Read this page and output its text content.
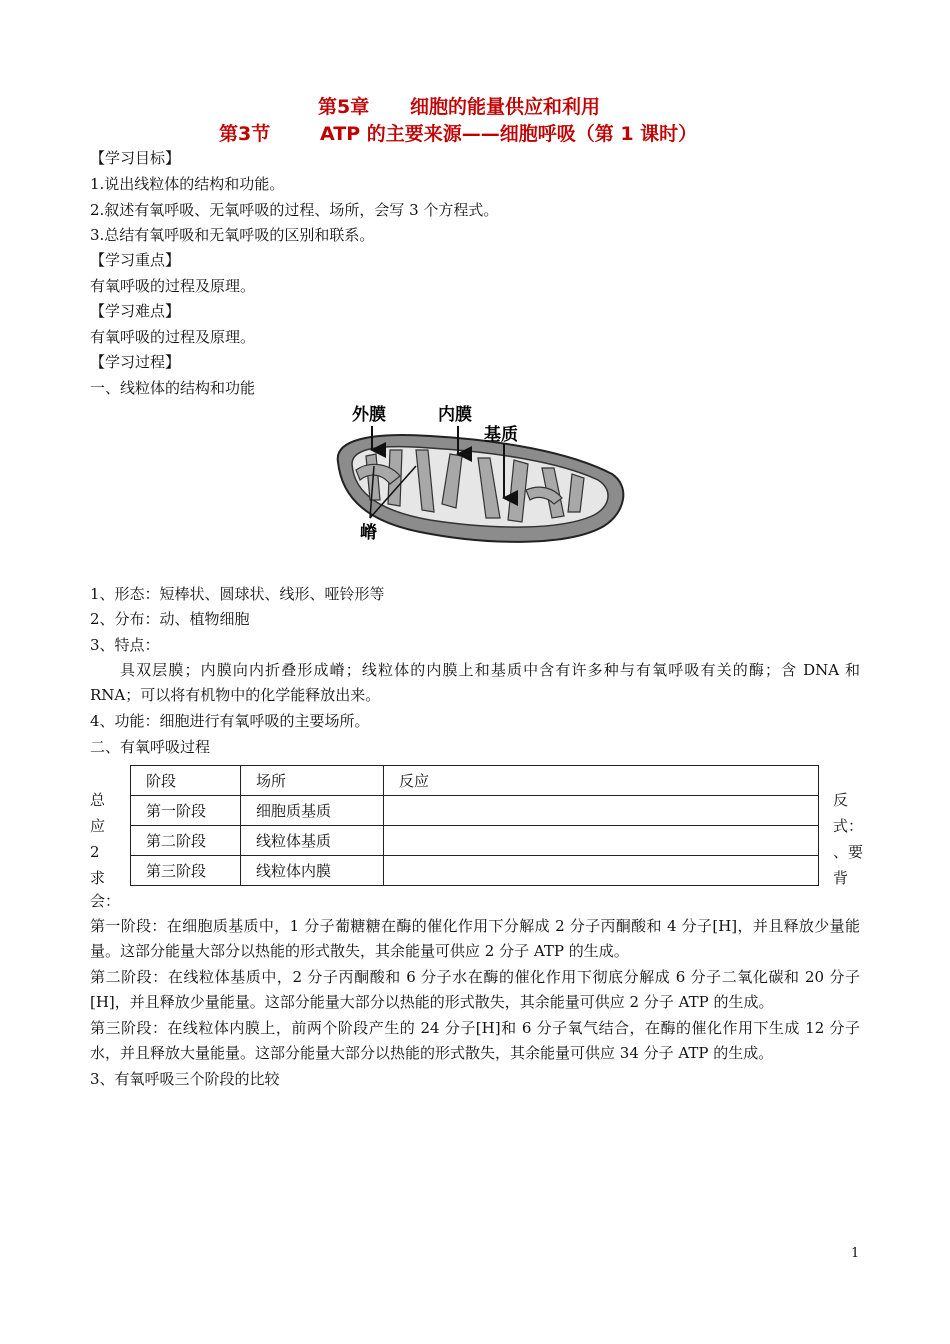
第5章 细胞的能量供应和利用
第3节	ATP 的主要来源——细胞呼吸（第 1 课时）
【学习目标】
1.说出线粒体的结构和功能。
2.叙述有氧呼吸、无氧呼吸的过程、场所，会写 3 个方程式。
3.总结有氧呼吸和无氧呼吸的区别和联系。
【学习重点】
有氧呼吸的过程及原理。
【学习难点】
有氧呼吸的过程及原理。
【学习过程】
一、线粒体的结构和功能
外膜	内膜
基质
嵴
1、形态：短棒状、圆球状、线形、哑铃形等
2、分布：动、植物细胞
3、特点：
具双层膜；内膜向内折叠形成嵴；线粒体的内膜上和基质中含有许多种与有氧呼吸有关的酶；含 DNA 和 RNA；可以将有机物中的化学能释放出来。
4、功能：细胞进行有氧呼吸的主要场所。
二、有氧呼吸过程
总
应
2
求
阶段	场所	反应
第一阶段	细胞质基质	
第二阶段	线粒体基质	
第三阶段	线粒体内膜	
反
式：
、要
背
会：
第一阶段：在细胞质基质中，1 分子葡糖糖在酶的催化作用下分解成 2 分子丙酮酸和 4 分子[H]，并且释放少量能量。这部分能量大部分以热能的形式散失，其余能量可供应 2 分子 ATP 的生成。
第二阶段：在线粒体基质中，2 分子丙酮酸和 6 分子水在酶的催化作用下彻底分解成 6 分子二氧化碳和 20 分子[H]，并且释放少量能量。这部分能量大部分以热能的形式散失，其余能量可供应 2 分子 ATP 的生成。
第三阶段：在线粒体内膜上，前两个阶段产生的 24 分子[H]和 6 分子氧气结合，在酶的催化作用下生成 12 分子水，并且释放大量能量。这部分能量大部分以热能的形式散失，其余能量可供应 34 分子 ATP 的生成。
3、有氧呼吸三个阶段的比较
1
